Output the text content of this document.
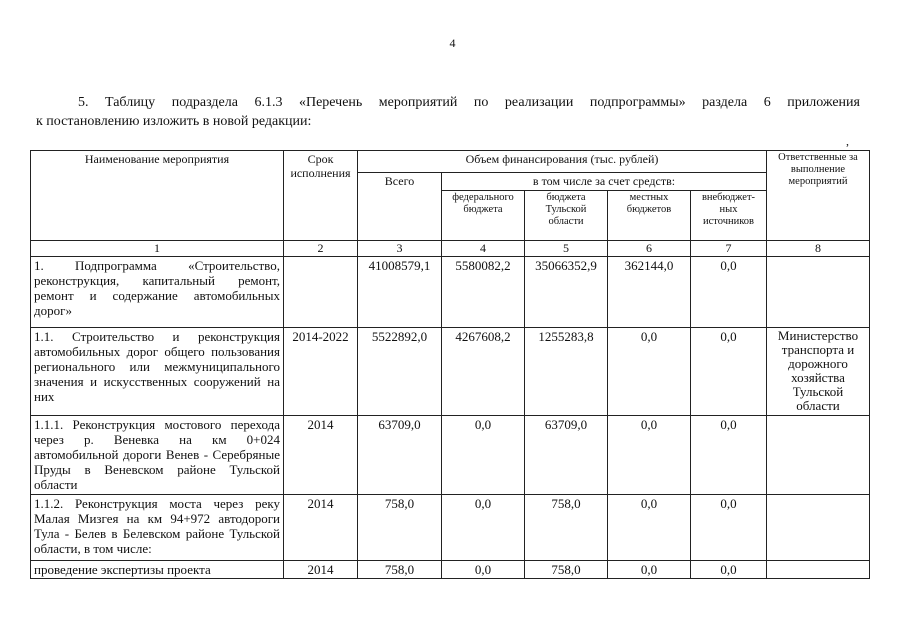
4
5. Таблицу подраздела 6.1.3 «Перечень мероприятий по реализации подпрограммы» раздела 6 приложения
к постановлению изложить в новой редакции:
,
Наименование мероприятия	Срок исполнения	Объем финансирования (тыс. рублей)					Ответственные за выполнение мероприятий
		Всего	в том числе за счет средств:				
			федерального бюджета	бюджета Тульской области	местных бюджетов	внебюджет-ных источников	
1	2	3	4	5	6	7	8
1. Подпрограмма «Строительство, реконструкция, капитальный ремонт, ремонт и содержание автомобильных дорог»		41008579,1	5580082,2	35066352,9	362144,0	0,0	
1.1. Строительство и реконструкция автомобильных дорог общего пользования регионального или межмуниципального значения и искусственных сооружений на них	2014-2022	5522892,0	4267608,2	1255283,8	0,0	0,0	Министерство транспорта и дорожного хозяйства Тульской области
1.1.1. Реконструкция мостового перехода через р. Веневка на км 0+024 автомобильной дороги Венев - Серебряные Пруды в Веневском районе Тульской области	2014	63709,0	0,0	63709,0	0,0	0,0	
1.1.2. Реконструкция моста через реку Малая Мизгея на км 94+972 автодороги Тула - Белев в Белевском районе Тульской области, в том числе:	2014	758,0	0,0	758,0	0,0	0,0	
проведение экспертизы проекта	2014	758,0	0,0	758,0	0,0	0,0	
